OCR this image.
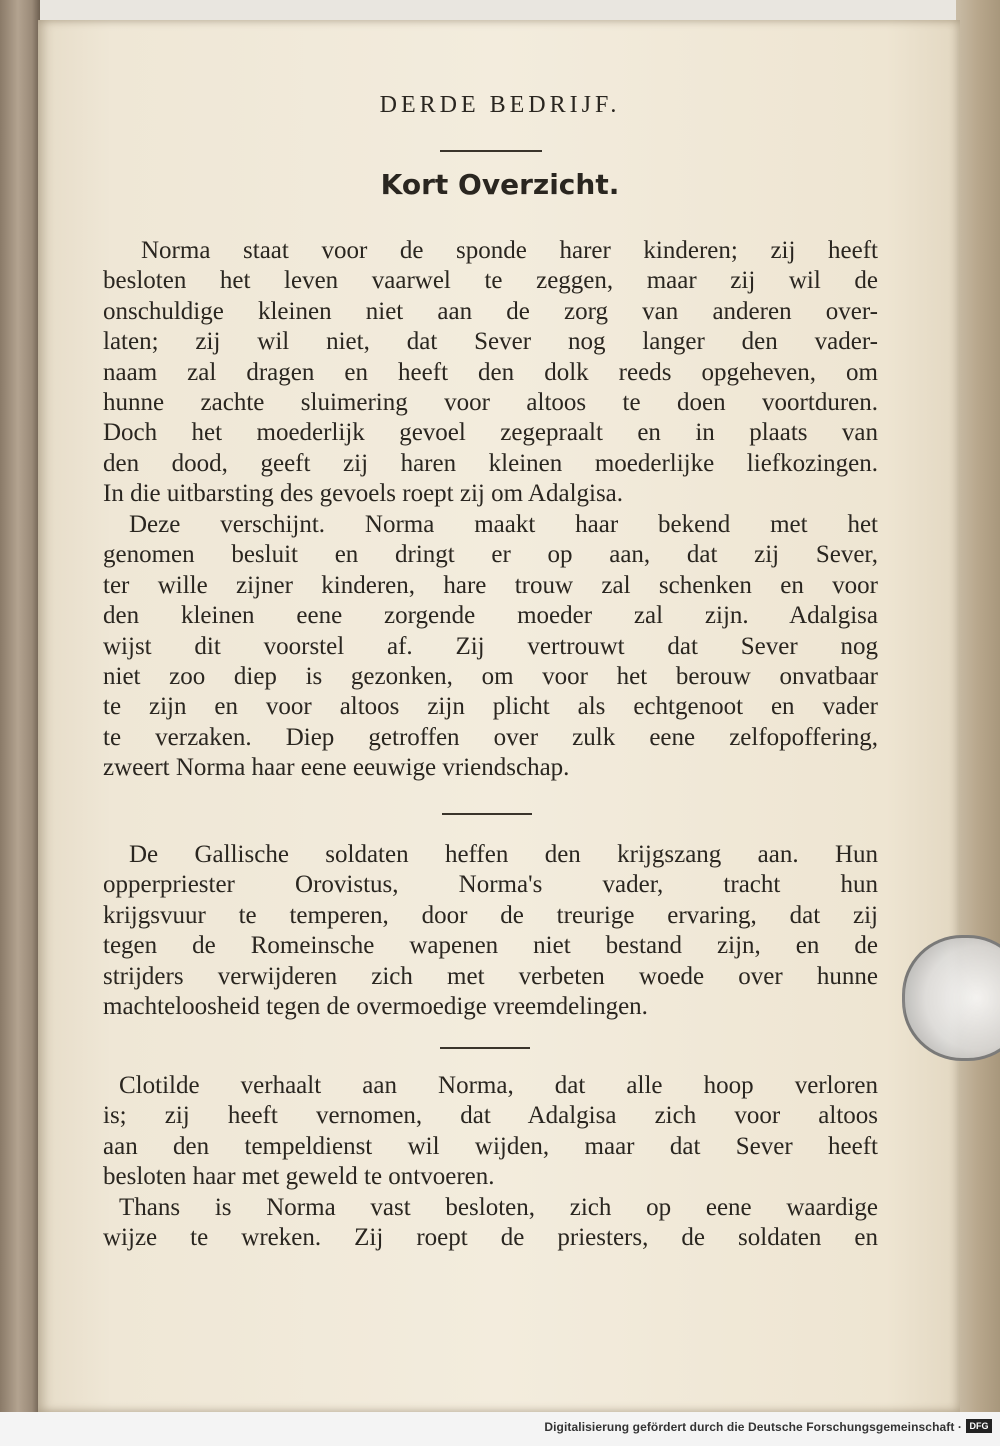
DERDE BEDRIJF.
Kort Overzicht.

Norma staat voor de sponde harer kinderen; zij heeft
besloten het leven vaarwel te zeggen, maar zij wil de
onschuldige kleinen niet aan de zorg van anderen over-
laten; zij wil niet, dat Sever nog langer den vader-
naam zal dragen en heeft den dolk reeds opgeheven, om
hunne zachte sluimering voor altoos te doen voortduren.
Doch het moederlijk gevoel zegepraalt en in plaats van
den dood, geeft zij haren kleinen moederlijke liefkozingen.
In die uitbarsting des gevoels roept zij om Adalgisa.

Deze verschijnt. Norma maakt haar bekend met het
genomen besluit en dringt er op aan, dat zij Sever,
ter wille zijner kinderen, hare trouw zal schenken en voor
den kleinen eene zorgende moeder zal zijn. Adalgisa
wijst dit voorstel af. Zij vertrouwt dat Sever nog
niet zoo diep is gezonken, om voor het berouw onvatbaar
te zijn en voor altoos zijn plicht als echtgenoot en vader
te verzaken. Diep getroffen over zulk eene zelfopoffering,
zweert Norma haar eene eeuwige vriendschap.

De Gallische soldaten heffen den krijgszang aan. Hun
opperpriester Orovistus, Norma's vader, tracht hun
krijgsvuur te temperen, door de treurige ervaring, dat zij
tegen de Romeinsche wapenen niet bestand zijn, en de
strijders verwijderen zich met verbeten woede over hunne
machteloosheid tegen de overmoedige vreemdelingen.

Clotilde verhaalt aan Norma, dat alle hoop verloren
is; zij heeft vernomen, dat Adalgisa zich voor altoos
aan den tempeldienst wil wijden, maar dat Sever heeft
besloten haar met geweld te ontvoeren.

Thans is Norma vast besloten, zich op eene waardige
wijze te wreken. Zij roept de priesters, de soldaten en

Digitalisierung gefördert durch die Deutsche Forschungsgemeinschaft · DFG
